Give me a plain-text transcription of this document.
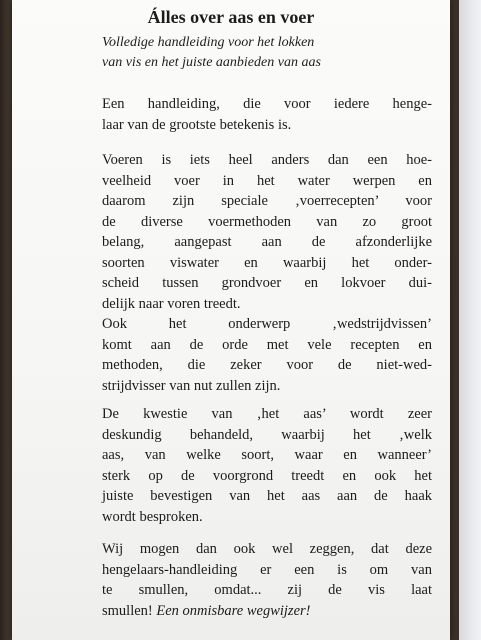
Álles over aas en voer
Volledige handleiding voor het lokken
van vis en het juiste aanbieden van aas

Een handleiding, die voor iedere henge-
laar van de grootste betekenis is.

Voeren is iets heel anders dan een hoe-
veelheid voer in het water werpen en
daarom zijn speciale ‚voerrecepten’ voor
de diverse voermethoden van zo groot
belang, aangepast aan de afzonderlijke
soorten viswater en waarbij het onder-
scheid tussen grondvoer en lokvoer dui-
delijk naar voren treedt.

Ook het onderwerp ‚wedstrijdvissen’
komt aan de orde met vele recepten en
methoden, die zeker voor de niet-wed-
strijdvisser van nut zullen zijn.

De kwestie van ‚het aas’ wordt zeer
deskundig behandeld, waarbij het ‚welk
aas, van welke soort, waar en wanneer’
sterk op de voorgrond treedt en ook het
juiste bevestigen van het aas aan de haak
wordt besproken.

Wij mogen dan ook wel zeggen, dat deze
hengelaars-handleiding er een is om van
te smullen, omdat... zij de vis laat
smullen! Een onmisbare wegwijzer!
